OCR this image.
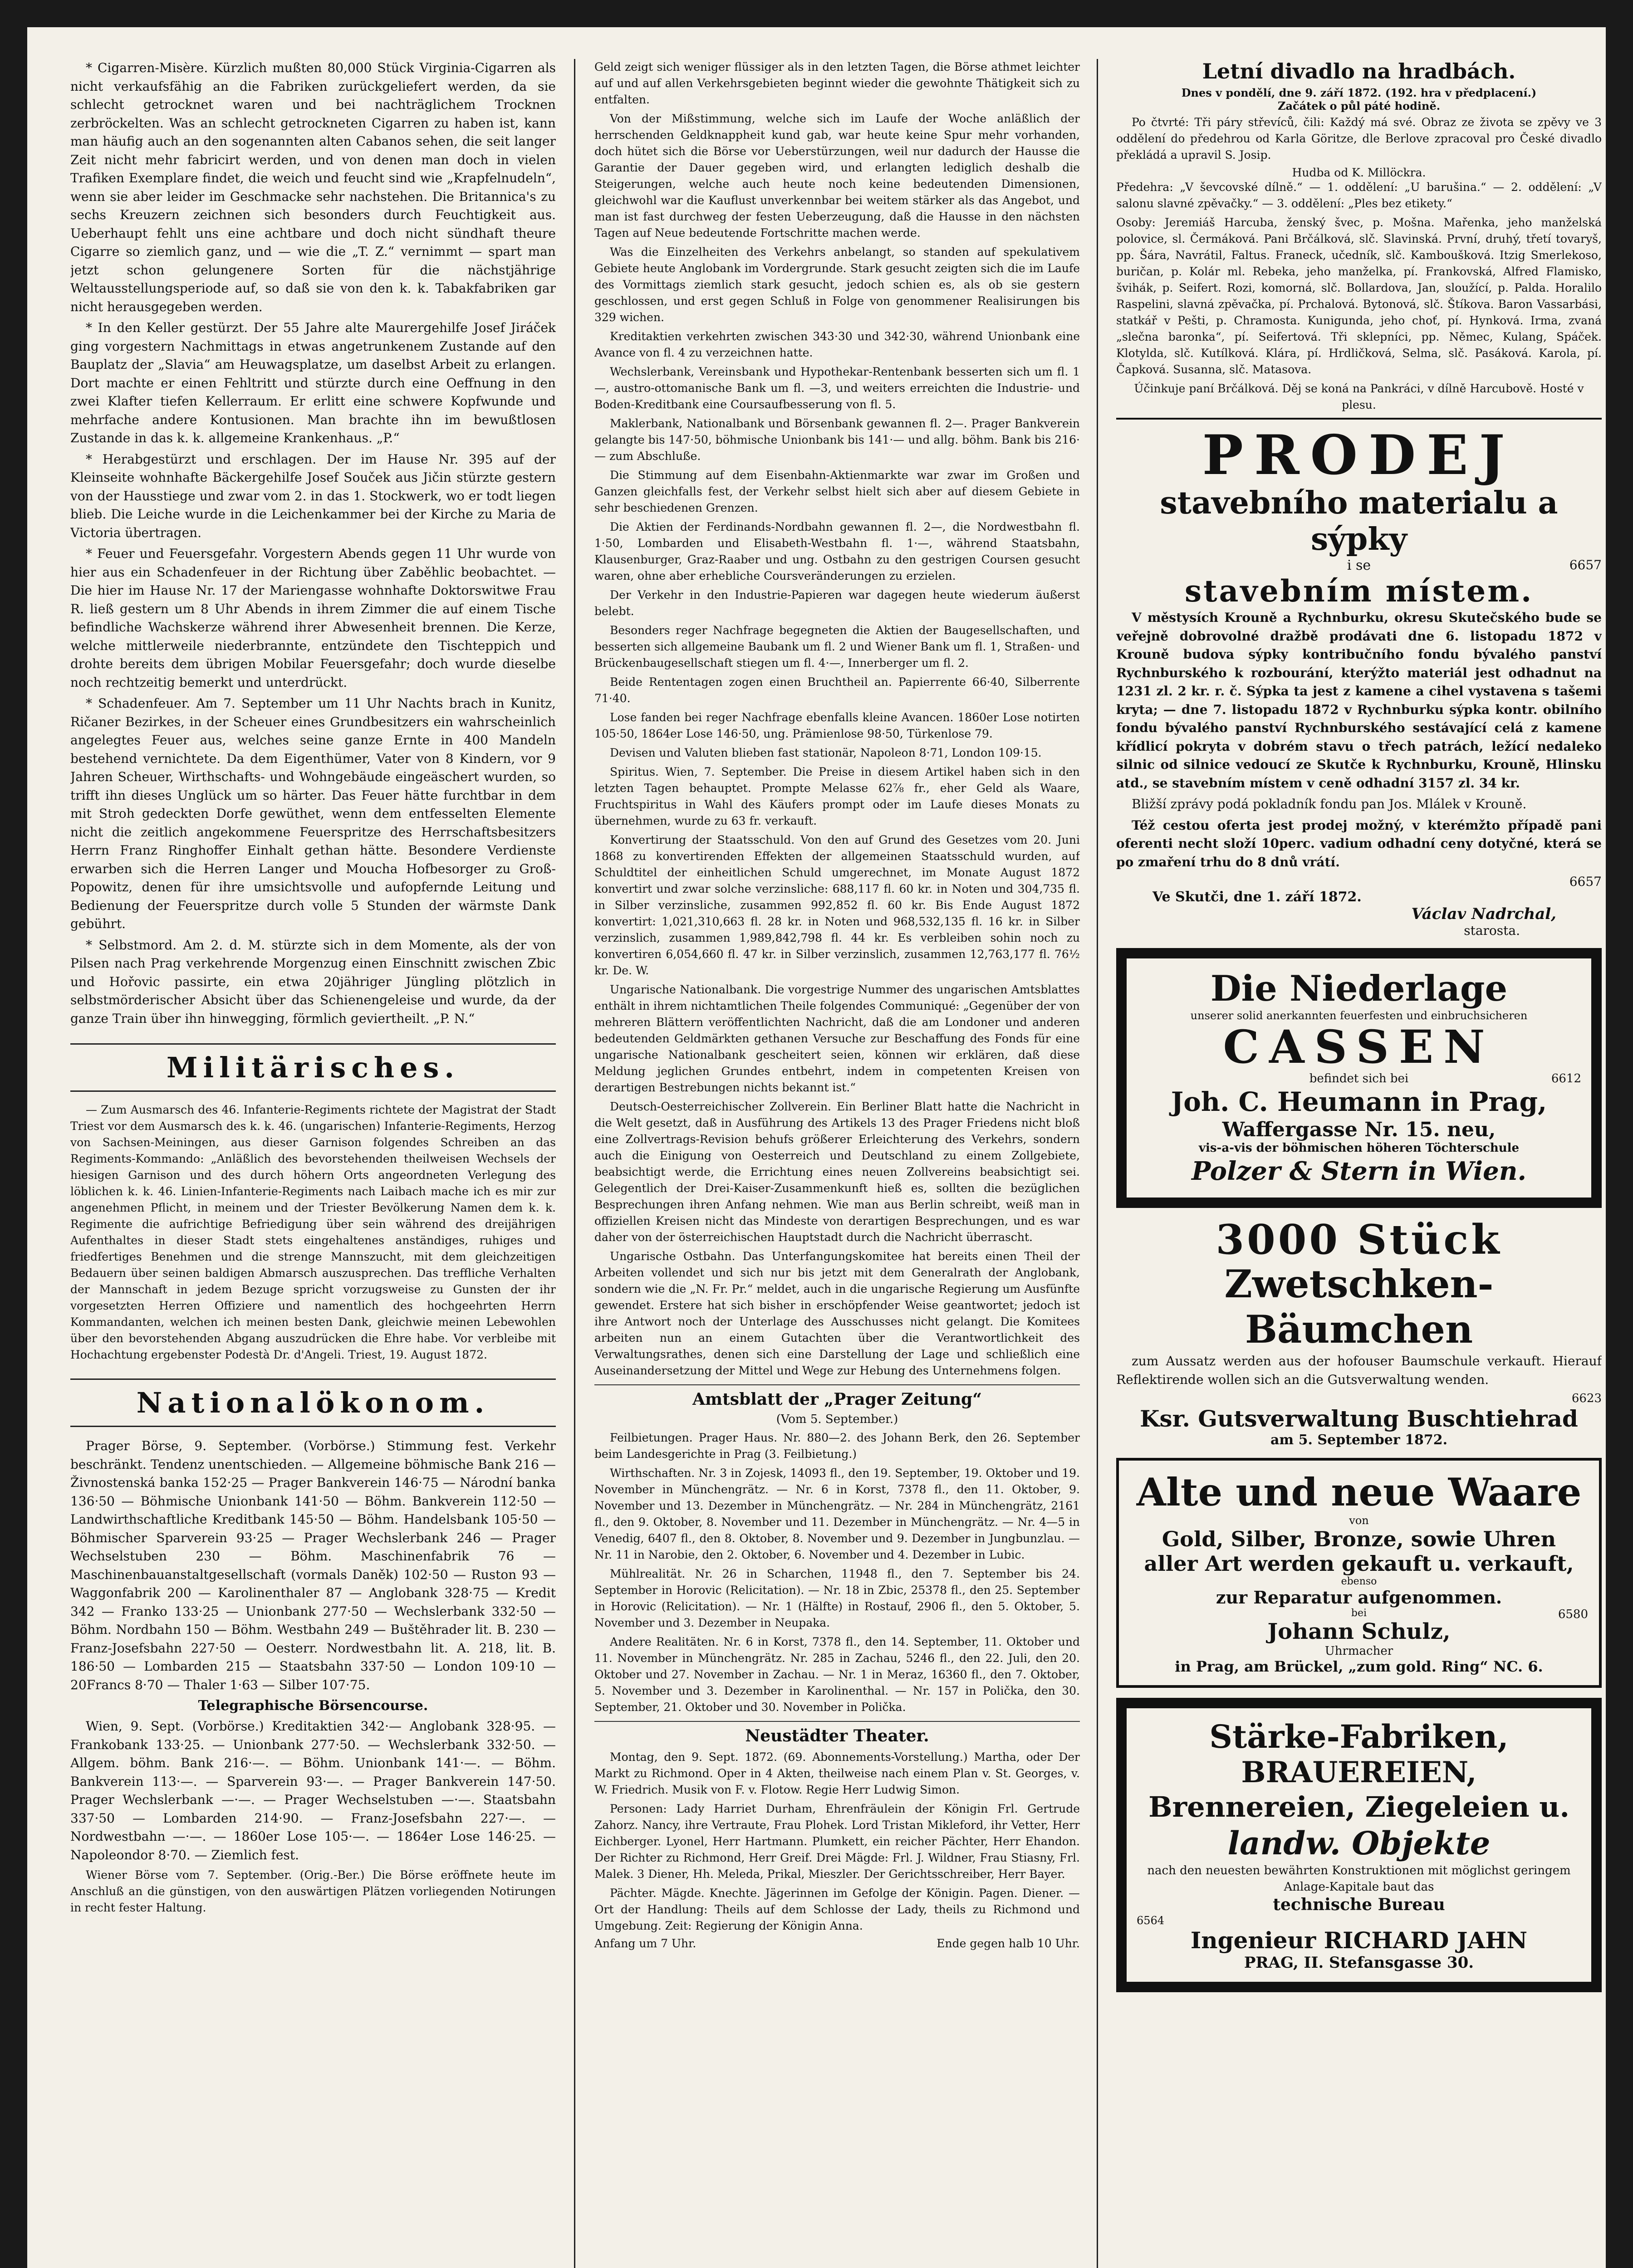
* Cigarren-Misère. Kürzlich mußten 80,000 Stück Virginia-Cigarren als nicht verkaufsfähig an die Fabriken zurückgeliefert werden, da sie schlecht getrocknet waren und bei nachträglichem Trocknen zerbröckelten. Was an schlecht getrockneten Cigarren zu haben ist, kann man häufig auch an den sogenannten alten Cabanos sehen, die seit langer Zeit nicht mehr fabricirt werden, und von denen man doch in vielen Trafiken Exemplare findet, die weich und feucht sind wie „Krapfelnudeln“, wenn sie aber leider im Geschmacke sehr nachstehen. Die Britannica's zu sechs Kreuzern zeichnen sich besonders durch Feuchtigkeit aus. Ueberhaupt fehlt uns eine achtbare und doch nicht sündhaft theure Cigarre so ziemlich ganz, und — wie die „T. Z.“ vernimmt — spart man jetzt schon gelungenere Sorten für die nächstjährige Weltausstellungsperiode auf, so daß sie von den k. k. Tabakfabriken gar nicht herausgegeben werden.

* In den Keller gestürzt. Der 55 Jahre alte Maurergehilfe Josef Jiráček ging vorgestern Nachmittags in etwas angetrunkenem Zustande auf den Bauplatz der „Slavia“ am Heuwagsplatze, um daselbst Arbeit zu erlangen. Dort machte er einen Fehltritt und stürzte durch eine Oeffnung in den zwei Klafter tiefen Kellerraum. Er erlitt eine schwere Kopfwunde und mehrfache andere Kontusionen. Man brachte ihn im bewußtlosen Zustande in das k. k. allgemeine Krankenhaus. „P.“

* Herabgestürzt und erschlagen. Der im Hause Nr. 395 auf der Kleinseite wohnhafte Bäckergehilfe Josef Souček aus Jičin stürzte gestern von der Hausstiege und zwar vom 2. in das 1. Stockwerk, wo er todt liegen blieb. Die Leiche wurde in die Leichenkammer bei der Kirche zu Maria de Victoria übertragen.

* Feuer und Feuersgefahr. Vorgestern Abends gegen 11 Uhr wurde von hier aus ein Schadenfeuer in der Richtung über Zaběhlic beobachtet. — Die hier im Hause Nr. 17 der Mariengasse wohnhafte Doktorswitwe Frau R. ließ gestern um 8 Uhr Abends in ihrem Zimmer die auf einem Tische befindliche Wachskerze während ihrer Abwesenheit brennen. Die Kerze, welche mittlerweile niederbrannte, entzündete den Tischteppich und drohte bereits dem übrigen Mobilar Feuersgefahr; doch wurde dieselbe noch rechtzeitig bemerkt und unterdrückt.

* Schadenfeuer. Am 7. September um 11 Uhr Nachts brach in Kunitz, Ričaner Bezirkes, in der Scheuer eines Grundbesitzers ein wahrscheinlich angelegtes Feuer aus, welches seine ganze Ernte in 400 Mandeln bestehend vernichtete. Da dem Eigenthümer, Vater von 8 Kindern, vor 9 Jahren Scheuer, Wirthschafts- und Wohngebäude eingeäschert wurden, so trifft ihn dieses Unglück um so härter. Das Feuer hätte furchtbar in dem mit Stroh gedeckten Dorfe gewüthet, wenn dem entfesselten Elemente nicht die zeitlich angekommene Feuerspritze des Herrschaftsbesitzers Herrn Franz Ringhoffer Einhalt gethan hätte. Besondere Verdienste erwarben sich die Herren Langer und Moucha Hofbesorger zu Groß-Popowitz, denen für ihre umsichtsvolle und aufopfernde Leitung und Bedienung der Feuerspritze durch volle 5 Stunden der wärmste Dank gebührt.

* Selbstmord. Am 2. d. M. stürzte sich in dem Momente, als der von Pilsen nach Prag verkehrende Morgenzug einen Einschnitt zwischen Zbic und Hořovic passirte, ein etwa 20jähriger Jüngling plötzlich in selbstmörderischer Absicht über das Schienengeleise und wurde, da der ganze Train über ihn hinwegging, förmlich geviertheilt. „P. N.“

Militärisches.

— Zum Ausmarsch des 46. Infanterie-Regiments richtete der Magistrat der Stadt Triest vor dem Ausmarsch des k. k. 46. (ungarischen) Infanterie-Regiments, Herzog von Sachsen-Meiningen, aus dieser Garnison folgendes Schreiben an das Regiments-Kommando: „Anläßlich des bevorstehenden theilweisen Wechsels der hiesigen Garnison und des durch höhern Orts angeordneten Verlegung des löblichen k. k. 46. Linien-Infanterie-Regiments nach Laibach mache ich es mir zur angenehmen Pflicht, in meinem und der Triester Bevölkerung Namen dem k. k. Regimente die aufrichtige Befriedigung über sein während des dreijährigen Aufenthaltes in dieser Stadt stets eingehaltenes anständiges, ruhiges und friedfertiges Benehmen und die strenge Mannszucht, mit dem gleichzeitigen Bedauern über seinen baldigen Abmarsch auszusprechen. Das treffliche Verhalten der Mannschaft in jedem Bezuge spricht vorzugsweise zu Gunsten der ihr vorgesetzten Herren Offiziere und namentlich des hochgeehrten Herrn Kommandanten, welchen ich meinen besten Dank, gleichwie meinen Lebewohlen über den bevorstehenden Abgang auszudrücken die Ehre habe. Vor verbleibe mit Hochachtung ergebenster Podestà Dr. d'Angeli. Triest, 19. August 1872.

Nationalökonom.

Prager Börse, 9. September. (Vorbörse.) Stimmung fest. Verkehr beschränkt. Tendenz unentschieden. — Allgemeine böhmische Bank 216 — Živnostenská banka 152·25 — Prager Bankverein 146·75 — Národní banka 136·50 — Böhmische Unionbank 141·50 — Böhm. Bankverein 112·50 — Landwirthschaftliche Kreditbank 145·50 — Böhm. Handelsbank 105·50 — Böhmischer Sparverein 93·25 — Prager Wechslerbank 246 — Prager Wechselstuben 230 — Böhm. Maschinenfabrik 76 — Maschinenbauanstaltgesellschaft (vormals Daněk) 102·50 — Ruston 93 — Waggonfabrik 200 — Karolinenthaler 87 — Anglobank 328·75 — Kredit 342 — Franko 133·25 — Unionbank 277·50 — Wechslerbank 332·50 — Böhm. Nordbahn 150 — Böhm. Westbahn 249 — Buštěhrader lit. B. 230 — Franz-Josefsbahn 227·50 — Oesterr. Nordwestbahn lit. A. 218, lit. B. 186·50 — Lombarden 215 — Staatsbahn 337·50 — London 109·10 — 20Francs 8·70 — Thaler 1·63 — Silber 107·75.

Telegraphische Börsencourse.

Wien, 9. Sept. (Vorbörse.) Kreditaktien 342·— Anglobank 328·95. — Frankobank 133·25. — Unionbank 277·50. — Wechslerbank 332·50. — Allgem. böhm. Bank 216·—. — Böhm. Unionbank 141·—. — Böhm. Bankverein 113·—. — Sparverein 93·—. — Prager Bankverein 147·50. Prager Wechslerbank —·—. — Prager Wechselstuben —·—. Staatsbahn 337·50 — Lombarden 214·90. — Franz-Josefsbahn 227·—. — Nordwestbahn —·—. — 1860er Lose 105·—. — 1864er Lose 146·25. — Napoleondor 8·70. — Ziemlich fest.

Wiener Börse vom 7. September. (Orig.-Ber.) Die Börse eröffnete heute im Anschluß an die günstigen, von den auswärtigen Plätzen vorliegenden Notirungen in recht fester Haltung.

Geld zeigt sich weniger flüssiger als in den letzten Tagen, die Börse athmet leichter auf und auf allen Verkehrsgebieten beginnt wieder die gewohnte Thätigkeit sich zu entfalten.

Von der Mißstimmung, welche sich im Laufe der Woche anläßlich der herrschenden Geldknappheit kund gab, war heute keine Spur mehr vorhanden, doch hütet sich die Börse vor Ueberstürzungen, weil nur dadurch der Hausse die Garantie der Dauer gegeben wird, und erlangten lediglich deshalb die Steigerungen, welche auch heute noch keine bedeutenden Dimensionen, gleichwohl war die Kauflust unverkennbar bei weitem stärker als das Angebot, und man ist fast durchweg der festen Ueberzeugung, daß die Hausse in den nächsten Tagen auf Neue bedeutende Fortschritte machen werde.

Was die Einzelheiten des Verkehrs anbelangt, so standen auf spekulativem Gebiete heute Anglobank im Vordergrunde. Stark gesucht zeigten sich die im Laufe des Vormittags ziemlich stark gesucht, jedoch schien es, als ob sie gestern geschlossen, und erst gegen Schluß in Folge von genommener Realisirungen bis 329 wichen.

Kreditaktien verkehrten zwischen 343·30 und 342·30, während Unionbank eine Avance von fl. 4 zu verzeichnen hatte.

Wechslerbank, Vereinsbank und Hypothekar-Rentenbank besserten sich um fl. 1—, austro-ottomanische Bank um fl. —3, und weiters erreichten die Industrie- und Boden-Kreditbank eine Coursaufbesserung von fl. 5.

Maklerbank, Nationalbank und Börsenbank gewannen fl. 2—. Prager Bankverein gelangte bis 147·50, böhmische Unionbank bis 141·— und allg. böhm. Bank bis 216·— zum Abschluße.

Die Stimmung auf dem Eisenbahn-Aktienmarkte war zwar im Großen und Ganzen gleichfalls fest, der Verkehr selbst hielt sich aber auf diesem Gebiete in sehr beschiedenen Grenzen.

Die Aktien der Ferdinands-Nordbahn gewannen fl. 2—, die Nordwestbahn fl. 1·50, Lombarden und Elisabeth-Westbahn fl. 1·—, während Staatsbahn, Klausenburger, Graz-Raaber und ung. Ostbahn zu den gestrigen Coursen gesucht waren, ohne aber erhebliche Coursveränderungen zu erzielen.

Der Verkehr in den Industrie-Papieren war dagegen heute wiederum äußerst belebt.

Besonders reger Nachfrage begegneten die Aktien der Baugesellschaften, und besserten sich allgemeine Baubank um fl. 2 und Wiener Bank um fl. 1, Straßen- und Brückenbaugesellschaft stiegen um fl. 4·—, Innerberger um fl. 2.

Beide Rententagen zogen einen Bruchtheil an. Papierrente 66·40, Silberrente 71·40.

Lose fanden bei reger Nachfrage ebenfalls kleine Avancen. 1860er Lose notirten 105·50, 1864er Lose 146·50, ung. Prämienlose 98·50, Türkenlose 79.

Devisen und Valuten blieben fast stationär, Napoleon 8·71, London 109·15.

Spiritus. Wien, 7. September. Die Preise in diesem Artikel haben sich in den letzten Tagen behauptet. Prompte Melasse 62⅞ fr., eher Geld als Waare, Fruchtspiritus in Wahl des Käufers prompt oder im Laufe dieses Monats zu übernehmen, wurde zu 63 fr. verkauft.

Konvertirung der Staatsschuld. Von den auf Grund des Gesetzes vom 20. Juni 1868 zu konvertirenden Effekten der allgemeinen Staatsschuld wurden, auf Schuldtitel der einheitlichen Schuld umgerechnet, im Monate August 1872 konvertirt und zwar solche verzinsliche: 688,117 fl. 60 kr. in Noten und 304,735 fl. in Silber verzinsliche, zusammen 992,852 fl. 60 kr. Bis Ende August 1872 konvertirt: 1,021,310,663 fl. 28 kr. in Noten und 968,532,135 fl. 16 kr. in Silber verzinslich, zusammen 1,989,842,798 fl. 44 kr. Es verbleiben sohin noch zu konvertiren 6,054,660 fl. 47 kr. in Silber verzinslich, zusammen 12,763,177 fl. 76½ kr. De. W.

Ungarische Nationalbank. Die vorgestrige Nummer des ungarischen Amtsblattes enthält in ihrem nichtamtlichen Theile folgendes Communiqué: „Gegenüber der von mehreren Blättern veröffentlichten Nachricht, daß die am Londoner und anderen bedeutenden Geldmärkten gethanen Versuche zur Beschaffung des Fonds für eine ungarische Nationalbank gescheitert seien, können wir erklären, daß diese Meldung jeglichen Grundes entbehrt, indem in competenten Kreisen von derartigen Bestrebungen nichts bekannt ist.“

Deutsch-Oesterreichischer Zollverein. Ein Berliner Blatt hatte die Nachricht in die Welt gesetzt, daß in Ausführung des Artikels 13 des Prager Friedens nicht bloß eine Zollvertrags-Revision behufs größerer Erleichterung des Verkehrs, sondern auch die Einigung von Oesterreich und Deutschland zu einem Zollgebiete, beabsichtigt werde, die Errichtung eines neuen Zollvereins beabsichtigt sei. Gelegentlich der Drei-Kaiser-Zusammenkunft hieß es, sollten die bezüglichen Besprechungen ihren Anfang nehmen. Wie man aus Berlin schreibt, weiß man in offiziellen Kreisen nicht das Mindeste von derartigen Besprechungen, und es war daher von der österreichischen Hauptstadt durch die Nachricht überrascht.

Ungarische Ostbahn. Das Unterfangungskomitee hat bereits einen Theil der Arbeiten vollendet und sich nur bis jetzt mit dem Generalrath der Anglobank, sondern wie die „N. Fr. Pr.“ meldet, auch in die ungarische Regierung um Ausfünfte gewendet. Erstere hat sich bisher in erschöpfender Weise geantwortet; jedoch ist ihre Antwort noch der Unterlage des Ausschusses nicht gelangt. Die Komitees arbeiten nun an einem Gutachten über die Verantwortlichkeit des Verwaltungsrathes, denen sich eine Darstellung der Lage und schließlich eine Auseinandersetzung der Mittel und Wege zur Hebung des Unternehmens folgen.

Amtsblatt der „Prager Zeitung“
(Vom 5. September.)

Feilbietungen. Prager Haus. Nr. 880—2. des Johann Berk, den 26. September beim Landesgerichte in Prag (3. Feilbietung.)

Wirthschaften. Nr. 3 in Zojesk, 14093 fl., den 19. September, 19. Oktober und 19. November in Münchengrätz. — Nr. 6 in Korst, 7378 fl., den 11. Oktober, 9. November und 13. Dezember in Münchengrätz. — Nr. 284 in Münchengrätz, 2161 fl., den 9. Oktober, 8. November und 11. Dezember in Münchengrätz. — Nr. 4—5 in Venedig, 6407 fl., den 8. Oktober, 8. November und 9. Dezember in Jungbunzlau. — Nr. 11 in Narobie, den 2. Oktober, 6. November und 4. Dezember in Lubic.

Mühlrealität. Nr. 26 in Scharchen, 11948 fl., den 7. September bis 24. September in Horovic (Relicitation). — Nr. 18 in Zbic, 25378 fl., den 25. September in Horovic (Relicitation). — Nr. 1 (Hälfte) in Rostauf, 2906 fl., den 5. Oktober, 5. November und 3. Dezember in Neupaka.

Andere Realitäten. Nr. 6 in Korst, 7378 fl., den 14. September, 11. Oktober und 11. November in Münchengrätz. Nr. 285 in Zachau, 5246 fl., den 22. Juli, den 20. Oktober und 27. November in Zachau. — Nr. 1 in Meraz, 16360 fl., den 7. Oktober, 5. November und 3. Dezember in Karolinenthal. — Nr. 157 in Polička, den 30. September, 21. Oktober und 30. November in Polička.

Neustädter Theater.

Montag, den 9. Sept. 1872. (69. Abonnements-Vorstellung.) Martha, oder Der Markt zu Richmond. Oper in 4 Akten, theilweise nach einem Plan v. St. Georges, v. W. Friedrich. Musik von F. v. Flotow. Regie Herr Ludwig Simon.

Personen: Lady Harriet Durham, Ehrenfräulein der Königin Frl. Gertrude Zahorz. Nancy, ihre Vertraute, Frau Plohek. Lord Tristan Mikleford, ihr Vetter, Herr Eichberger. Lyonel, Herr Hartmann. Plumkett, ein reicher Pächter, Herr Ehandon. Der Richter zu Richmond, Herr Greif. Drei Mägde: Frl. J. Wildner, Frau Stiasny, Frl. Malek. 3 Diener, Hh. Meleda, Prikal, Mieszler. Der Gerichtsschreiber, Herr Bayer.

Pächter. Mägde. Knechte. Jägerinnen im Gefolge der Königin. Pagen. Diener. — Ort der Handlung: Theils auf dem Schlosse der Lady, theils zu Richmond und Umgebung. Zeit: Regierung der Königin Anna.

Anfang um 7 Uhr.	Ende gegen halb 10 Uhr.
Letní divadlo na hradbách.
Dnes v pondělí, dne 9. září 1872. (192. hra v předplacení.)
Začátek o půl páté hodině.

Po čtvrté: Tři páry střevíců, čili: Každý má své. Obraz ze života se zpěvy ve 3 oddělení do předehrou od Karla Göritze, dle Berlove zpracoval pro České divadlo překládá a upravil S. Josip.

Hudba od K. Millöckra.

Předehra: „V ševcovské dílně.“ — 1. oddělení: „U barušina.“ — 2. oddělení: „V salonu slavné zpěvačky.“ — 3. oddělení: „Ples bez etikety.“

Osoby: Jeremiáš Harcuba, ženský švec, p. Mošna. Mařenka, jeho manželská polovice, sl. Čermáková. Pani Brčálková, slč. Slavinská. První, druhý, třetí tovaryš, pp. Šára, Navrátil, Faltus. Franeck, učedník, slč. Kamboušková. Itzig Smerlekoso, buričan, p. Kolár ml. Rebeka, jeho manželka, pí. Frankovská, Alfred Flamisko, švihák, p. Seifert. Rozi, komorná, slč. Bollardova, Jan, sloužící, p. Palda. Horalilo Raspelini, slavná zpěvačka, pí. Prchalová. Bytonová, slč. Štíkova. Baron Vassarbási, statkář v Pešti, p. Chramosta. Kunigunda, jeho choť, pí. Hynková. Irma, zvaná „slečna baronka“, pí. Seifertová. Tři sklepníci, pp. Němec, Kulang, Spáček. Klotylda, slč. Kutílková. Klára, pí. Hrdličková, Selma, slč. Pasáková. Karola, pí. Čapková. Susanna, slč. Matasova.

Účinkuje paní Brčálková. Děj se koná na Pankráci, v dílně Harcubově. Hosté v plesu.

PRODEJ
stavebního materialu a sýpky
i se	6657
stavebním místem.

V městysích Krouně a Rychnburku, okresu Skutečského bude se veřejně dobrovolné dražbě prodávati dne 6. listopadu 1872 v Krouně budova sýpky kontribučního fondu bývalého panství Rychnburského k rozbourání, kterýžto materiál jest odhadnut na 1231 zl. 2 kr. r. č. Sýpka ta jest z kamene a cihel vystavena s tašemi kryta; — dne 7. listopadu 1872 v Rychnburku sýpka kontr. obilního fondu bývalého panství Rychnburského sestávající celá z kamene křídlicí pokryta v dobrém stavu o třech patrách, ležící nedaleko silnic od silnice vedoucí ze Skutče k Rychnburku, Krouně, Hlinsku atd., se stavebním místem v ceně odhadní 3157 zl. 34 kr.

Bližší zprávy podá pokladník fondu pan Jos. Mlálek v Krouně.

Též cestou oferta jest prodej možný, v kterémžto případě pani oferenti necht složí 10perc. vadium odhadní ceny dotyčné, která se po zmaření trhu do 8 dnů vrátí.

6657
Ve Skutči, dne 1. září 1872.
Václav Nadrchal,
starosta.
Die Niederlage
unserer solid anerkannten feuerfesten und einbruchsicheren
CASSEN
befindet sich bei	6612
Joh. C. Heumann in Prag,
Waffergasse Nr. 15. neu,
vis-a-vis der böhmischen höheren Töchterschule
Polzer & Stern in Wien.
3000 Stück
Zwetschken-Bäumchen

zum Aussatz werden aus der hofouser Baumschule verkauft. Hierauf Reflektirende wollen sich an die Gutsverwaltung wenden.

6623
Ksr. Gutsverwaltung Buschtiehrad
am 5. September 1872.
Alte und neue Waare
von
Gold, Silber, Bronze, sowie Uhren
aller Art werden gekauft u. verkauft,
ebenso
zur Reparatur aufgenommen.
bei	6580
Johann Schulz,
Uhrmacher
in Prag, am Brückel, „zum gold. Ring“ NC. 6.
Stärke-Fabriken,
BRAUEREIEN,
Brennereien, Ziegeleien u.
landw. Objekte
nach den neuesten bewährten Konstruktionen mit möglichst geringem Anlage-Kapitale baut das
technische Bureau
6564
Ingenieur RICHARD JAHN
PRAG, II. Stefansgasse 30.
